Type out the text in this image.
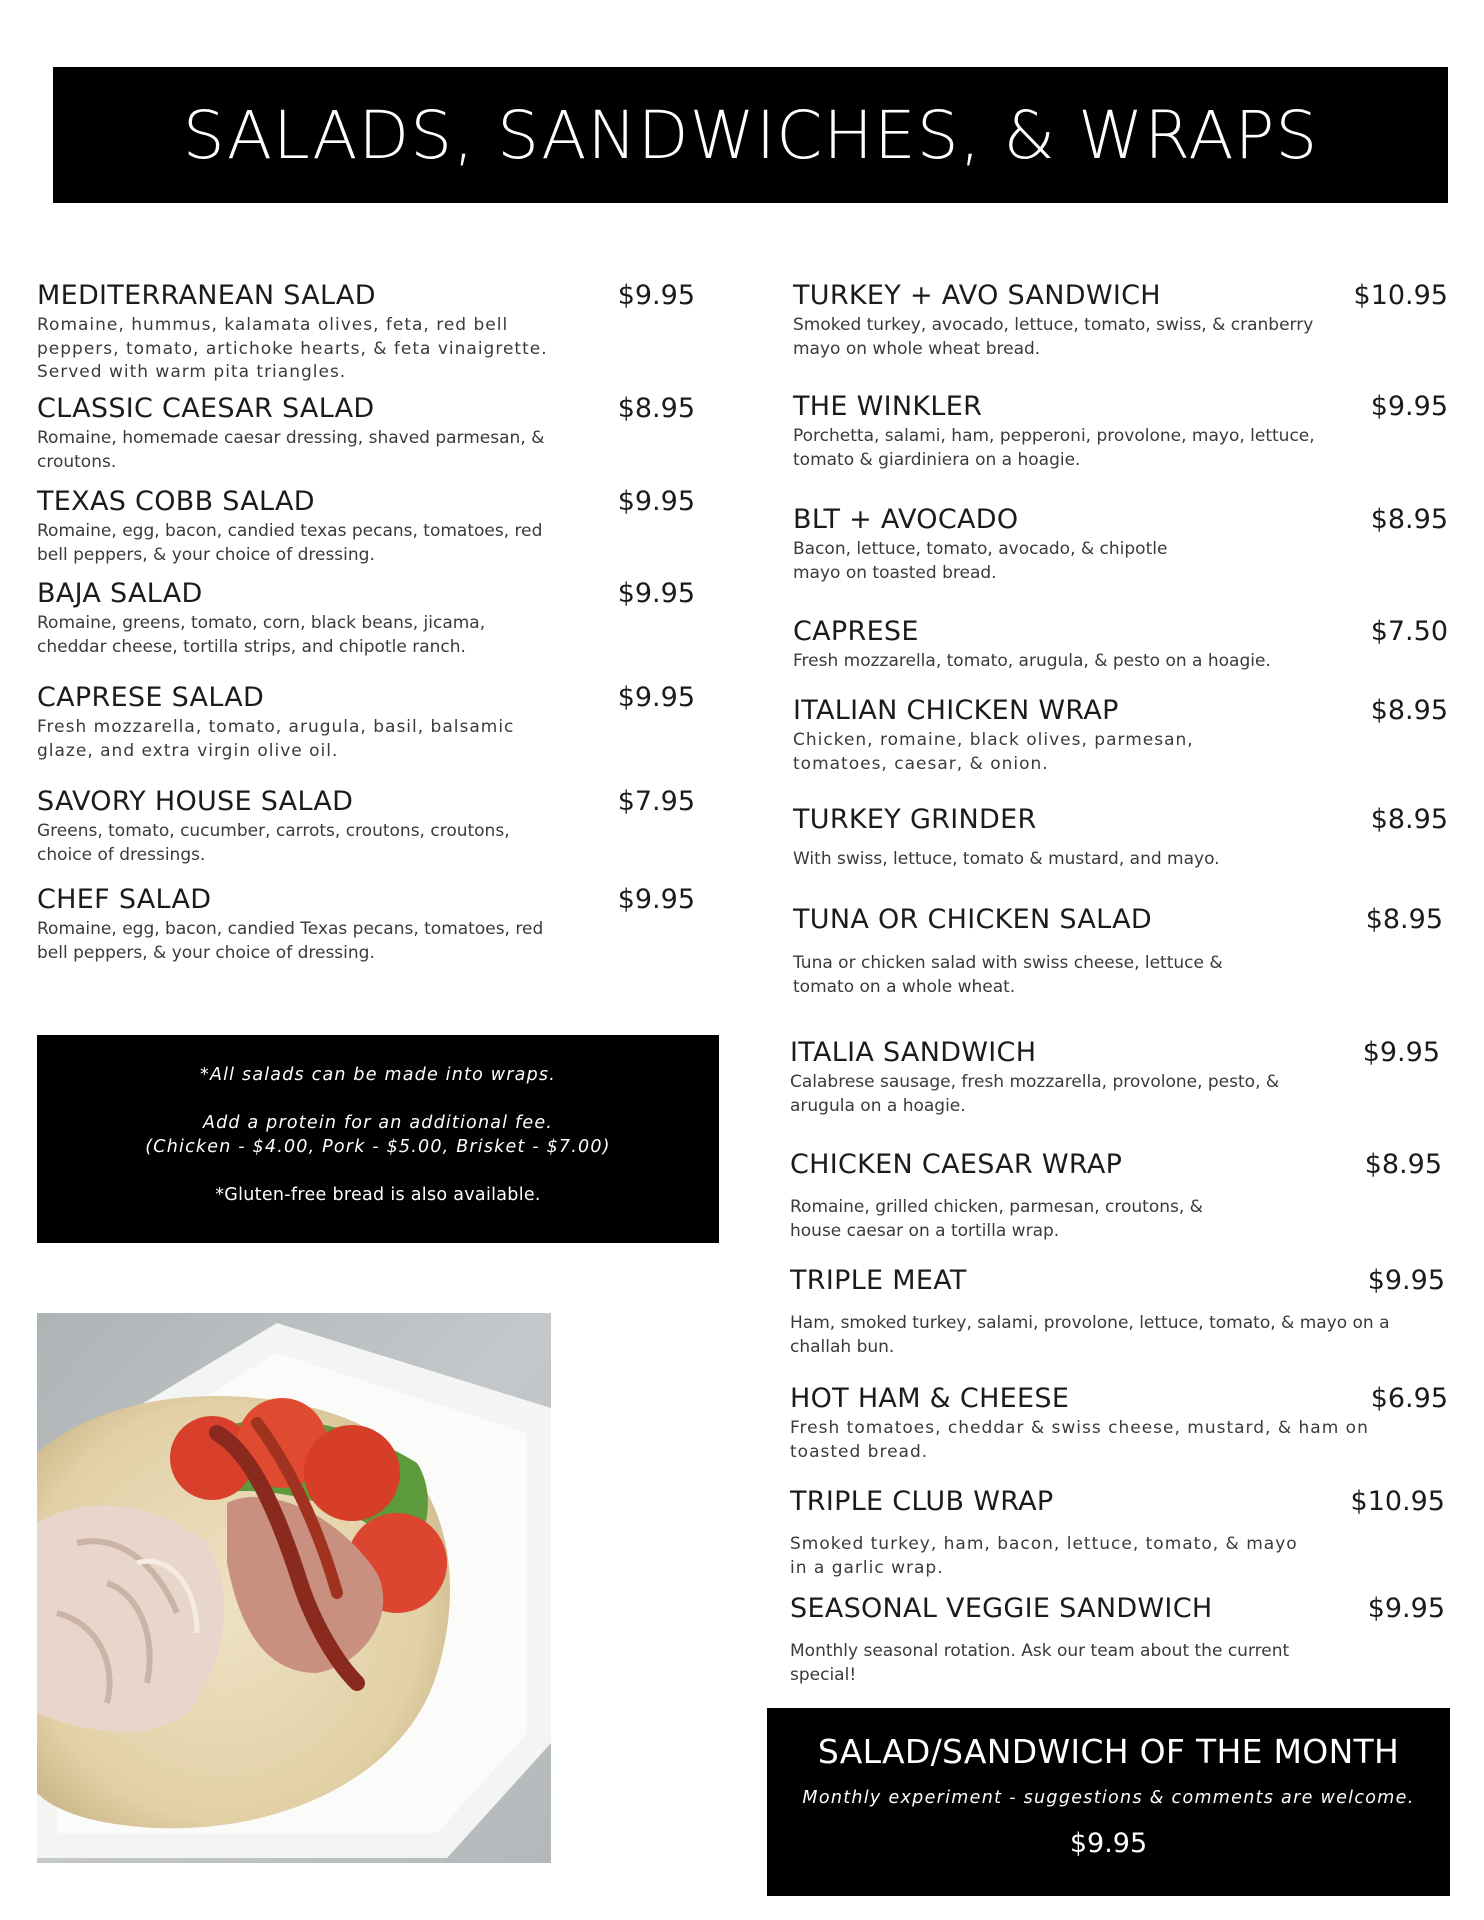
SALADS, SANDWICHES, & WRAPS
MEDITERRANEAN SALAD	$9.95
Romaine, hummus, kalamata olives, feta, red bell peppers, tomato, artichoke hearts, & feta vinaigrette. Served with warm pita triangles.
CLASSIC CAESAR SALAD	$8.95
Romaine, homemade caesar dressing, shaved parmesan, & croutons.
TEXAS COBB SALAD	$9.95
Romaine, egg, bacon, candied texas pecans, tomatoes, red bell peppers, & your choice of dressing.
BAJA SALAD	$9.95
Romaine, greens, tomato, corn, black beans, jicama, cheddar cheese, tortilla strips, and chipotle ranch.
CAPRESE SALAD	$9.95
Fresh mozzarella, tomato, arugula, basil, balsamic glaze, and extra virgin olive oil.
SAVORY HOUSE SALAD	$7.95
Greens, tomato, cucumber, carrots, croutons, croutons, choice of dressings.
CHEF SALAD	$9.95
Romaine, egg, bacon, candied Texas pecans, tomatoes, red bell peppers, & your choice of dressing.

*All salads can be made into wraps.

Add a protein for an additional fee.

(Chicken - $4.00, Pork - $5.00, Brisket - $7.00)

*Gluten-free bread is also available.

TURKEY + AVO SANDWICH	$10.95
Smoked turkey, avocado, lettuce, tomato, swiss, & cranberry mayo on whole wheat bread.
THE WINKLER	$9.95
Porchetta, salami, ham, pepperoni, provolone, mayo, lettuce, tomato & giardiniera on a hoagie.
BLT + AVOCADO	$8.95
Bacon, lettuce, tomato, avocado, & chipotle mayo on toasted bread.
CAPRESE	$7.50
Fresh mozzarella, tomato, arugula, & pesto on a hoagie.
ITALIAN CHICKEN WRAP	$8.95
Chicken, romaine, black olives, parmesan, tomatoes, caesar, & onion.
TURKEY GRINDER	$8.95
With swiss, lettuce, tomato & mustard, and mayo.
TUNA OR CHICKEN SALAD	$8.95
Tuna or chicken salad with swiss cheese, lettuce & tomato on a whole wheat.
ITALIA SANDWICH	$9.95
Calabrese sausage, fresh mozzarella, provolone, pesto, & arugula on a hoagie.
CHICKEN CAESAR WRAP	$8.95
Romaine, grilled chicken, parmesan, croutons, & house caesar on a tortilla wrap.
TRIPLE MEAT	$9.95
Ham, smoked turkey, salami, provolone, lettuce, tomato, & mayo on a challah bun.
HOT HAM & CHEESE	$6.95
Fresh tomatoes, cheddar & swiss cheese, mustard, & ham on toasted bread.
TRIPLE CLUB WRAP	$10.95
Smoked turkey, ham, bacon, lettuce, tomato, & mayo in a garlic wrap.
SEASONAL VEGGIE SANDWICH	$9.95
Monthly seasonal rotation. Ask our team about the current special!
SALAD/SANDWICH OF THE MONTH
Monthly experiment - suggestions & comments are welcome.
$9.95
